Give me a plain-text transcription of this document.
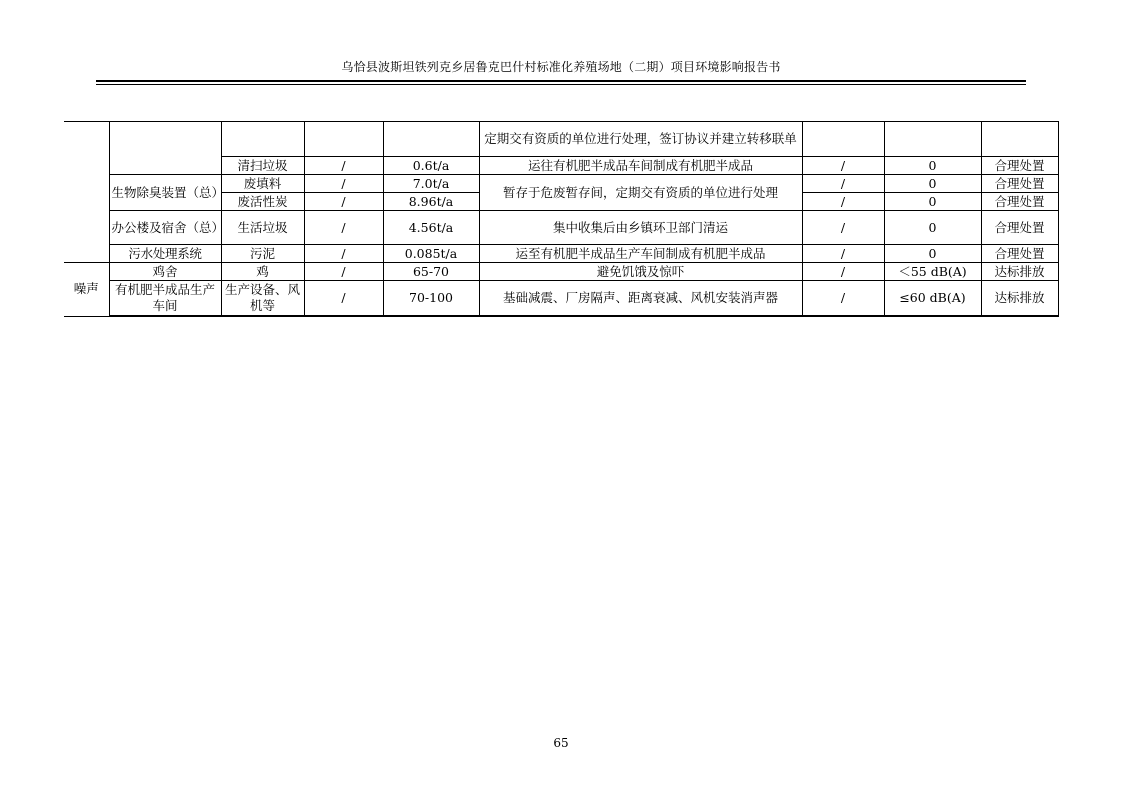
乌恰县波斯坦铁列克乡居鲁克巴什村标准化养殖场地（二期）项目环境影响报告书
					定期交有资质的单位进行处理，签订协议并建立转移联单			
		清扫垃圾	/	0.6t/a	运往有机肥半成品车间制成有机肥半成品	/	0	合理处置
	生物除臭装置（总）	废填料	/	7.0t/a	暂存于危废暂存间，定期交有资质的单位进行处理	/	0	合理处置
		废活性炭	/	8.96t/a		/	0	合理处置
	办公楼及宿舍（总）	生活垃圾	/	4.56t/a	集中收集后由乡镇环卫部门清运	/	0	合理处置
	污水处理系统	污泥	/	0.085t/a	运至有机肥半成品生产车间制成有机肥半成品	/	0	合理处置
噪声	鸡舍	鸡	/	65-70	避免饥饿及惊吓	/	＜55 dB(A)	达标排放
	有机肥半成品生产车间	生产设备、风机等	/	70-100	基础减震、厂房隔声、距离衰减、风机安装消声器	/	≤60 dB(A)	达标排放
65
